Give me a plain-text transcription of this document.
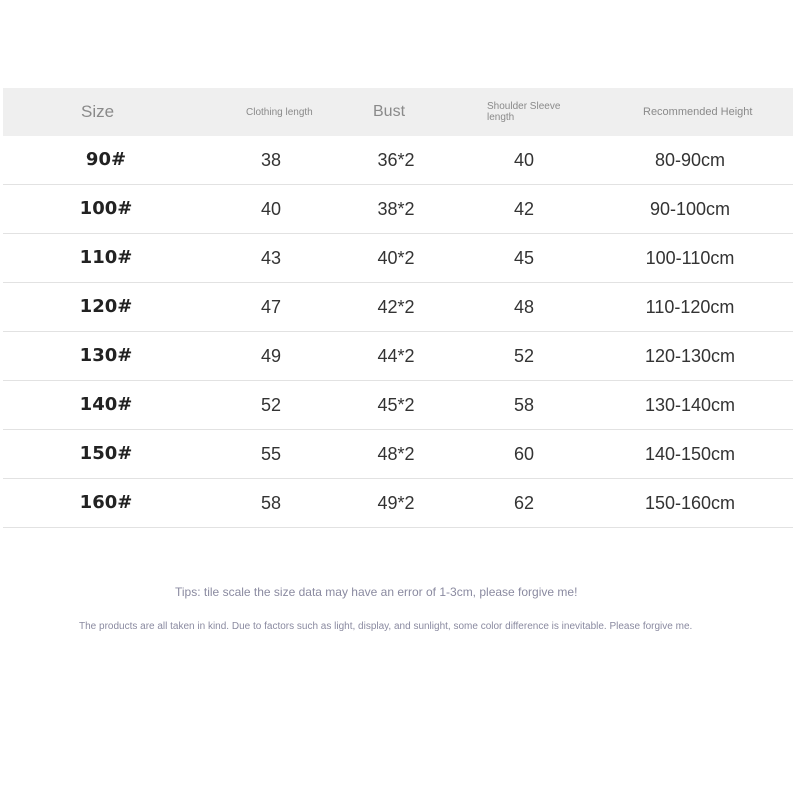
Size	Clothing length	Bust	Shoulder Sleeve length	Recommended Height
90#	38	36*2	40	80-90cm
100#	40	38*2	42	90-100cm
110#	43	40*2	45	100-110cm
120#	47	42*2	48	110-120cm
130#	49	44*2	52	120-130cm
140#	52	45*2	58	130-140cm
150#	55	48*2	60	140-150cm
160#	58	49*2	62	150-160cm
Tips: tile scale the size data may have an error of 1-3cm, please forgive me!
The products are all taken in kind. Due to factors such as light, display, and sunlight, some color difference is inevitable. Please forgive me.
